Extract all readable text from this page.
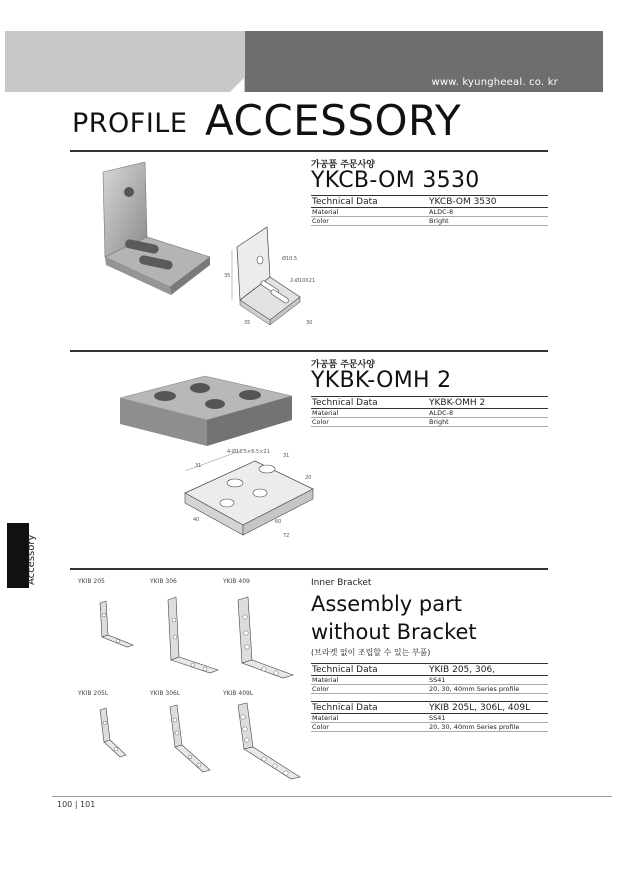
www. kyungheeal. co. kr
PROFILE ACCESSORY
Ø10.5
2-Ø10X21
35
30
35
가공품 주문사양
YKCB-OM 3530
Technical Data	YKCB-OM 3530
Material	ALDC-8
Color	Bright
4-Ø12.5×6.5×21
31
31
60
40
20
72
가공품 주문사양
YKBK-OMH 2
Technical Data	YKBK-OMH 2
Material	ALDC-8
Color	Bright
YKIB 205	YKIB 306	YKIB 409
YKIB 205L	YKIB 306L	YKIB 409L
Inner Bracket
Assembly part
without Bracket
(브라켓 없이 조립할 수 있는 부품)
Technical Data	YKIB 205, 306,
Material	SS41
Color	20, 30, 40mm Series profile
Technical Data	YKIB 205L, 306L, 409L
Material	SS41
Color	20, 30, 40mm Series profile
Accessory
100 | 101
